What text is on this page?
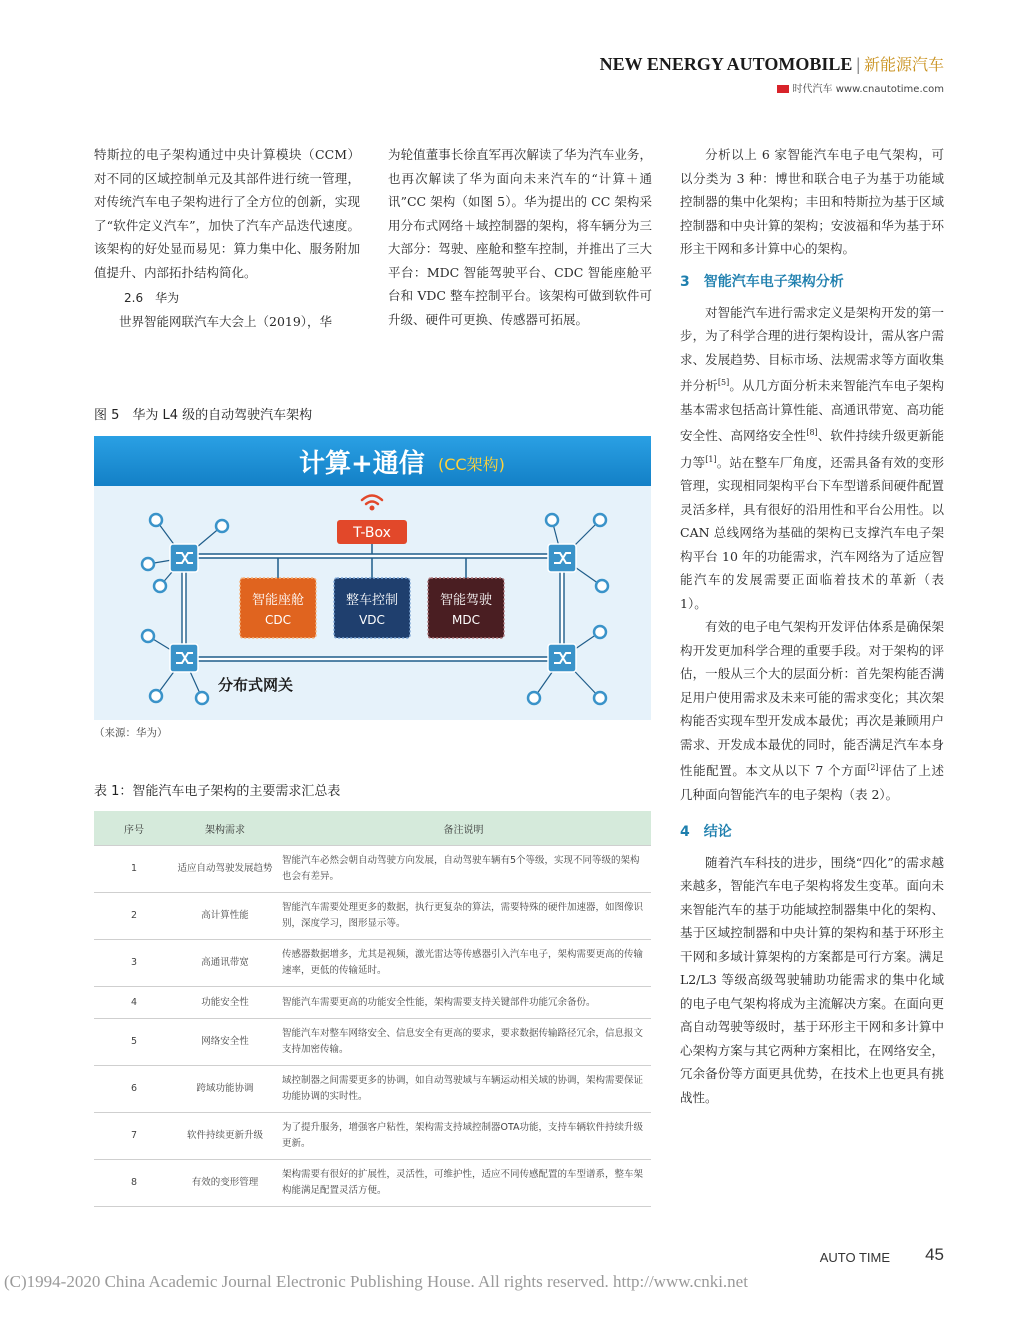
NEW ENERGY AUTOMOBILE | 新能源汽车
时代汽车 www.cnautotime.com

特斯拉的电子架构通过中央计算模块（CCM）对不同的区域控制单元及其部件进行统一管理，对传统汽车电子架构进行了全方位的创新，实现了“软件定义汽车”，加快了汽车产品迭代速度。该架构的好处显而易见：算力集中化、服务附加值提升、内部拓扑结构简化。

2.6　华为

世界智能网联汽车大会上（2019），华

为轮值董事长徐直军再次解读了华为汽车业务，也再次解读了华为面向未来汽车的“计算＋通讯”CC 架构（如图 5）。华为提出的 CC 架构采用分布式网络＋域控制器的架构，将车辆分为三大部分：驾驶、座舱和整车控制，并推出了三大平台：MDC 智能驾驶平台、CDC 智能座舱平台和 VDC 整车控制平台。该架构可做到软件可升级、硬件可更换、传感器可拓展。

分析以上 6 家智能汽车电子电气架构，可以分类为 3 种：博世和联合电子为基于功能域控制器的集中化架构；丰田和特斯拉为基于区域控制器和中央计算的架构；安波福和华为基于环形主干网和多计算中心的架构。

3　智能汽车电子架构分析

对智能汽车进行需求定义是架构开发的第一步，为了科学合理的进行架构设计，需从客户需求、发展趋势、目标市场、法规需求等方面收集并分析[5]。从几方面分析未来智能汽车电子架构基本需求包括高计算性能、高通讯带宽、高功能安全性、高网络安全性[8]、软件持续升级更新能力等[1]。站在整车厂角度，还需具备有效的变形管理，实现相同架构平台下车型谱系间硬件配置灵活多样，具有很好的沿用性和平台公用性。以 CAN 总线网络为基础的架构已支撑汽车电子架构平台 10 年的功能需求，汽车网络为了适应智能汽车的发展需要正面临着技术的革新（表 1）。

有效的电子电气架构开发评估体系是确保架构开发更加科学合理的重要手段。对于架构的评估，一般从三个大的层面分析：首先架构能否满足用户使用需求及未来可能的需求变化；其次架构能否实现车型开发成本最优；再次是兼顾用户需求、开发成本最优的同时，能否满足汽车本身性能配置。本文从以下 7 个方面[2]评估了上述几种面向智能汽车的电子架构（表 2）。

4　结论

随着汽车科技的进步，围绕“四化”的需求越来越多，智能汽车电子架构将发生变革。面向未来智能汽车的基于功能域控制器集中化的架构、基于区域控制器和中央计算的架构和基于环形主干网和多域计算架构的方案都是可行方案。满足 L2/L3 等级高级驾驶辅助功能需求的集中化域的电子电气架构将成为主流解决方案。在面向更高自动驾驶等级时，基于环形主干网和多计算中心架构方案与其它两种方案相比，在网络安全，冗余备份等方面更具优势，在技术上也更具有挑战性。

图 5　华为 L4 级的自动驾驶汽车架构
计算+通信 (CC架构)
T-Box
智能座舱
CDC
整车控制
VDC
智能驾驶
MDC
分布式网关
（来源：华为）
表 1：智能汽车电子架构的主要需求汇总表
序号	架构需求	备注说明
1	适应自动驾驶发展趋势	智能汽车必然会朝自动驾驶方向发展，自动驾驶车辆有5个等级，实现不同等级的架构也会有差异。
2	高计算性能	智能汽车需要处理更多的数据，执行更复杂的算法，需要特殊的硬件加速器，如图像识别，深度学习，图形显示等。
3	高通讯带宽	传感器数据增多，尤其是视频，激光雷达等传感器引入汽车电子，架构需要更高的传输速率，更低的传输延时。
4	功能安全性	智能汽车需要更高的功能安全性能，架构需要支持关键部件功能冗余备份。
5	网络安全性	智能汽车对整车网络安全、信息安全有更高的要求，要求数据传输路径冗余，信息报文支持加密传输。
6	跨域功能协调	域控制器之间需要更多的协调，如自动驾驶域与车辆运动相关域的协调，架构需要保证功能协调的实时性。
7	软件持续更新升级	为了提升服务，增强客户粘性，架构需支持域控制器OTA功能，支持车辆软件持续升级更新。
8	有效的变形管理	架构需要有很好的扩展性，灵活性，可维护性，适应不同传感配置的车型谱系，整车架构能满足配置灵活方便。
AUTO TIME 45
(C)1994-2020 China Academic Journal Electronic Publishing House. All rights reserved. http://www.cnki.net
